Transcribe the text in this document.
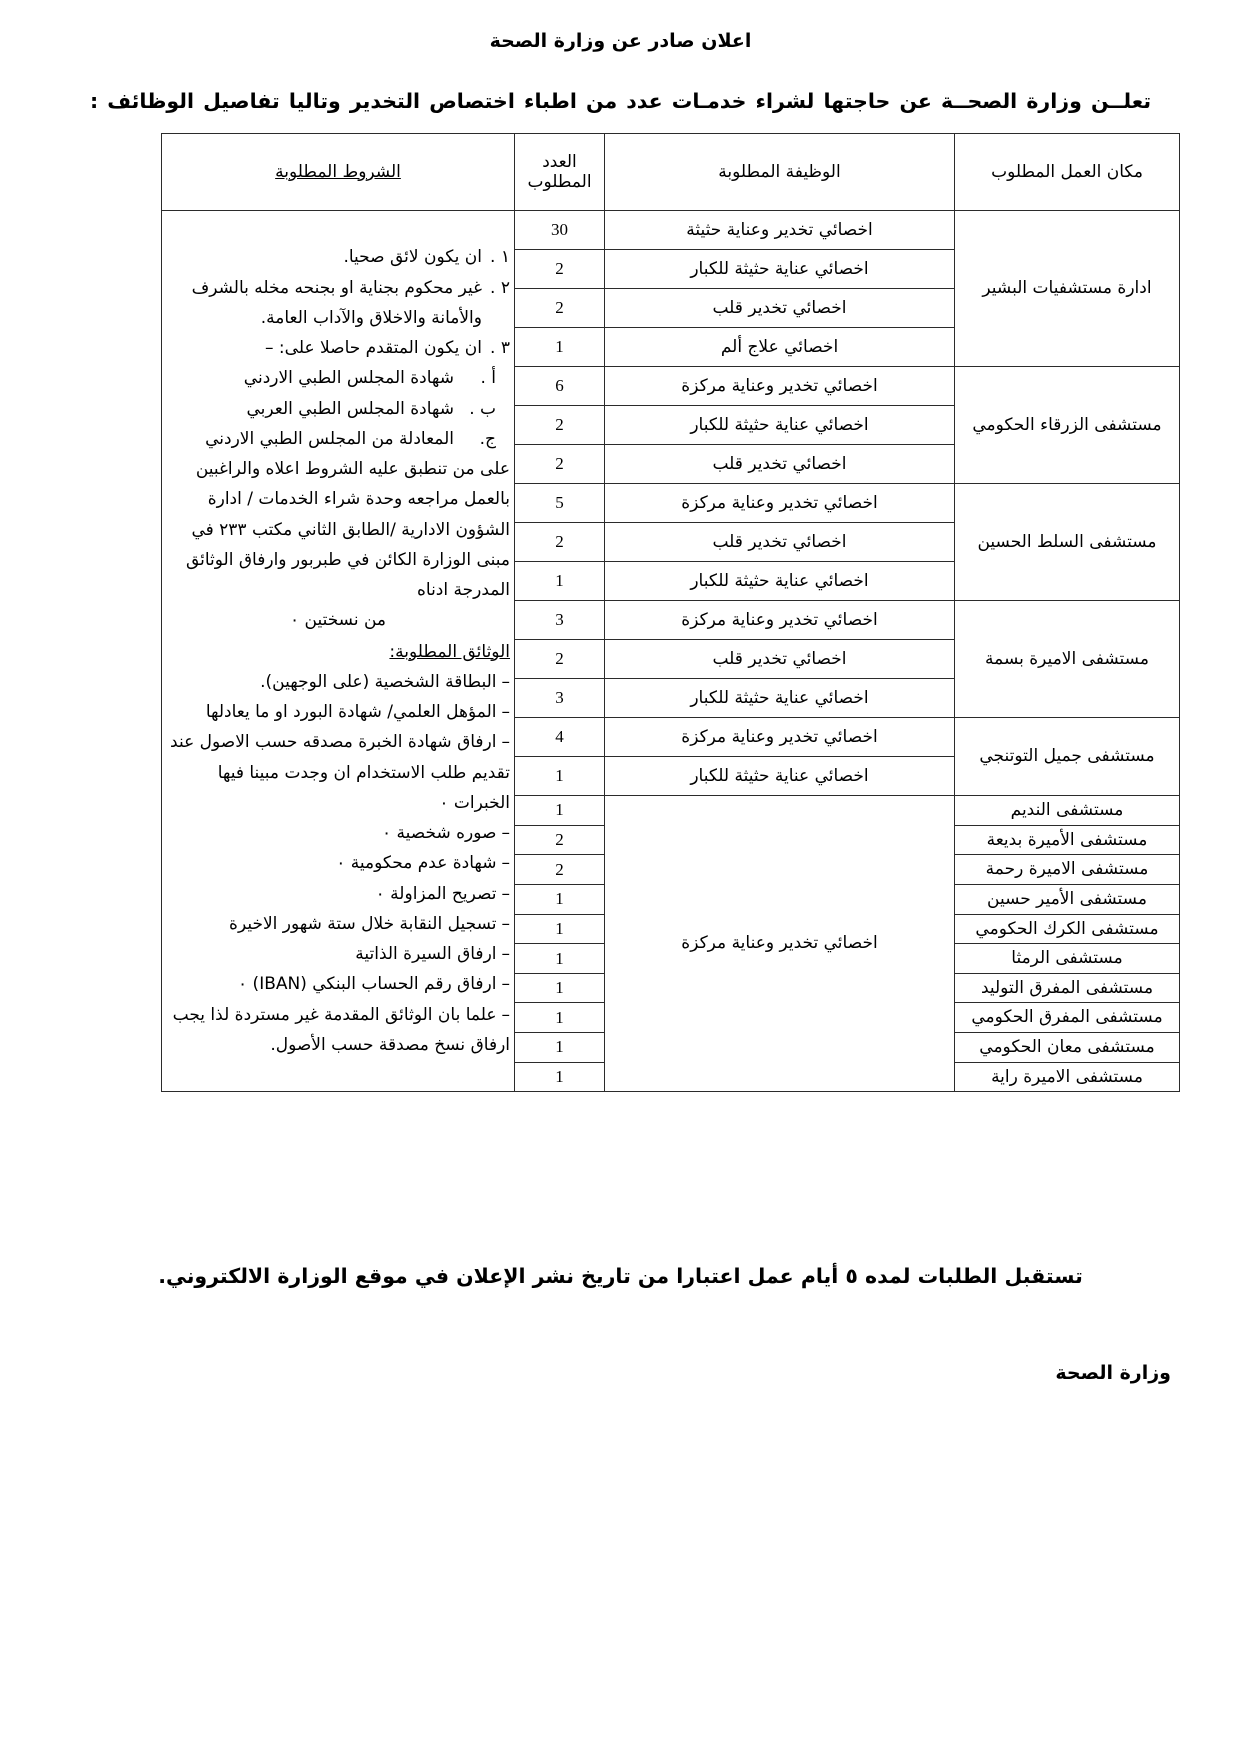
اعلان صادر عن وزارة الصحة
تعلــن وزارة الصحــة عن حاجتها لشراء خدمـات عدد من اطباء اختصاص التخدير وتاليا تفاصيل الوظائف :
مكان العمل المطلوب	الوظيفة المطلوبة	العدد
المطلوب	الشروط المطلوبة
ادارة مستشفيات البشير	اخصائي تخدير وعناية حثيثة	30	
١ .
ان يكون لائق صحيا.
٢ .
غير محكوم بجناية او بجنحه مخله بالشرف والأمانة والاخلاق والآداب العامة.
٣ .
ان يكون المتقدم حاصلا على: –
أ .
شهادة المجلس الطبي الاردني
ب .
شهادة المجلس الطبي العربي
ج.
المعادلة من المجلس الطبي الاردني
على من تنطبق عليه الشروط اعلاه والراغبين بالعمل مراجعه وحدة شراء الخدمات / ادارة الشؤون الادارية /الطابق الثاني مكتب ٢٣٣ في مبنى الوزارة الكائن في طبربور وارفاق الوثائق المدرجة ادناه
من نسختين ٠
الوثائق المطلوبة:
–البطاقة الشخصية (على الوجهين).
–المؤهل العلمي/ شهادة البورد او ما يعادلها
–ارفاق شهادة الخبرة مصدقه حسب الاصول عند تقديم طلب الاستخدام ان وجدت مبينا فيها الخبرات ٠
–صوره شخصية ٠
–شهادة عدم محكومية ٠
–تصريح المزاولة ٠
–تسجيل النقابة خلال ستة شهور الاخيرة
–ارفاق السيرة الذاتية
–ارفاق رقم الحساب البنكي (IBAN) ٠
–علما بان الوثائق المقدمة غير مستردة لذا يجب ارفاق نسخ مصدقة حسب الأصول.

	اخصائي عناية حثيثة للكبار	2	
	اخصائي تخدير قلب	2	
	اخصائي علاج ألم	1	
مستشفى الزرقاء الحكومي	اخصائي تخدير وعناية مركزة	6	
	اخصائي عناية حثيثة للكبار	2	
	اخصائي تخدير قلب	2	
مستشفى السلط الحسين	اخصائي تخدير وعناية مركزة	5	
	اخصائي تخدير قلب	2	
	اخصائي عناية حثيثة للكبار	1	
مستشفى الاميرة بسمة	اخصائي تخدير وعناية مركزة	3	
	اخصائي تخدير قلب	2	
	اخصائي عناية حثيثة للكبار	3	
مستشفى جميل التوتنجي	اخصائي تخدير وعناية مركزة	4	
	اخصائي عناية حثيثة للكبار	1	
مستشفى النديم	اخصائي تخدير وعناية مركزة	1	
مستشفى الأميرة بديعة		2	
مستشفى الاميرة رحمة		2	
مستشفى الأمير حسين		1	
مستشفى الكرك الحكومي		1	
مستشفى الرمثا		1	
مستشفى المفرق التوليد		1	
مستشفى المفرق الحكومي		1	
مستشفى معان الحكومي		1	
مستشفى الاميرة راية		1	
تستقبل الطلبات لمده ٥ أيام عمل اعتبارا من تاريخ نشر الإعلان في موقع الوزارة الالكتروني.
وزارة الصحة
